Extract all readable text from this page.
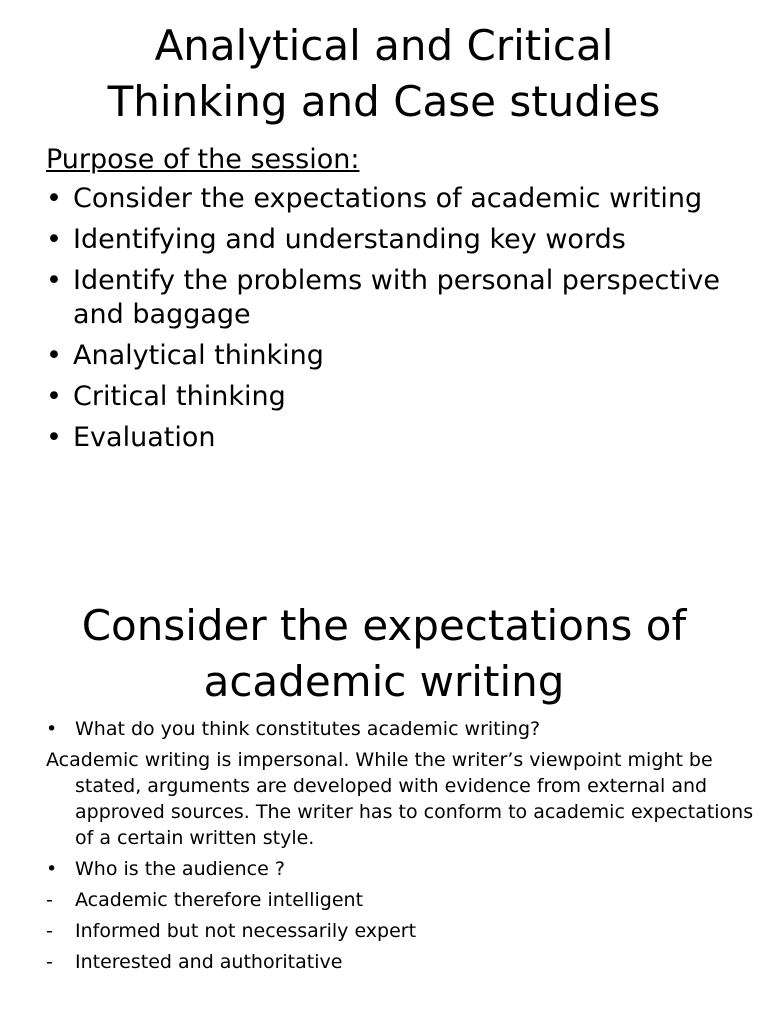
Analytical and Critical
Thinking and Case studies
Purpose of the session:
• Consider the expectations of academic writing
• Identifying and understanding key words
• Identify the problems with personal perspective and baggage
• Analytical thinking
• Critical thinking
• Evaluation
Consider the expectations of
academic writing
• What do you think constitutes academic writing?
Academic writing is impersonal. While the writer’s viewpoint might be stated, arguments are developed with evidence from external and approved sources. The writer has to conform to academic expectations of a certain written style.
• Who is the audience ?
- Academic therefore intelligent
- Informed but not necessarily expert
- Interested and authoritative
